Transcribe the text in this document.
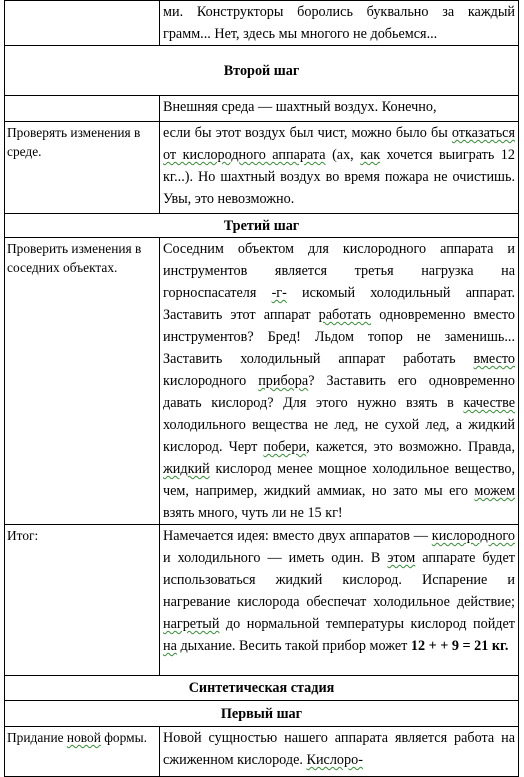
	ми. Конструкторы боролись буквально за каждый грамм... Нет, здесь мы многого не добьемся...
Второй шаг	
	Внешняя среда — шахтный воздух. Конечно,
Проверять изменения в среде.	если бы этот воздух был чист, можно было бы отказаться от кислородного аппарата (ах, как хочется выиграть 12 кг...). Но шахтный воздух во время пожара не очистишь. Увы, это невозможно.
Третий шаг	
Проверить изменения в соседних объектах.	Соседним объектом для кислородного аппарата и инструментов является третья нагрузка на горноспасателя -г- искомый холодильный аппарат. Заставить этот аппарат работать одновременно вместо инструментов? Бред! Льдом топор не заменишь... Заставить холодильный аппарат работать вместо кислородного прибора? Заставить его одновременно давать кислород? Для этого нужно взять в качестве холодильного вещества не лед, не сухой лед, а жидкий кислород. Черт побери, кажется, это возможно. Правда, жидкий кислород менее мощное холодильное вещество, чем, например, жидкий аммиак, но зато мы его можем взять много, чуть ли не 15 кг!
Итог:	Намечается идея: вместо двух аппаратов — кислородного и холодильного — иметь один. В этом аппарате будет использоваться жидкий кислород. Испарение и нагревание кислорода обеспечат холодильное действие; нагретый до нормальной температуры кислород пойдет на дыхание. Весить такой прибор может 12 + + 9 = 21 кг.
Синтетическая стадия	
Первый шаг	
Придание новой формы.	Новой сущностью нашего аппарата является работа на сжиженном кислороде. Кислоро-
